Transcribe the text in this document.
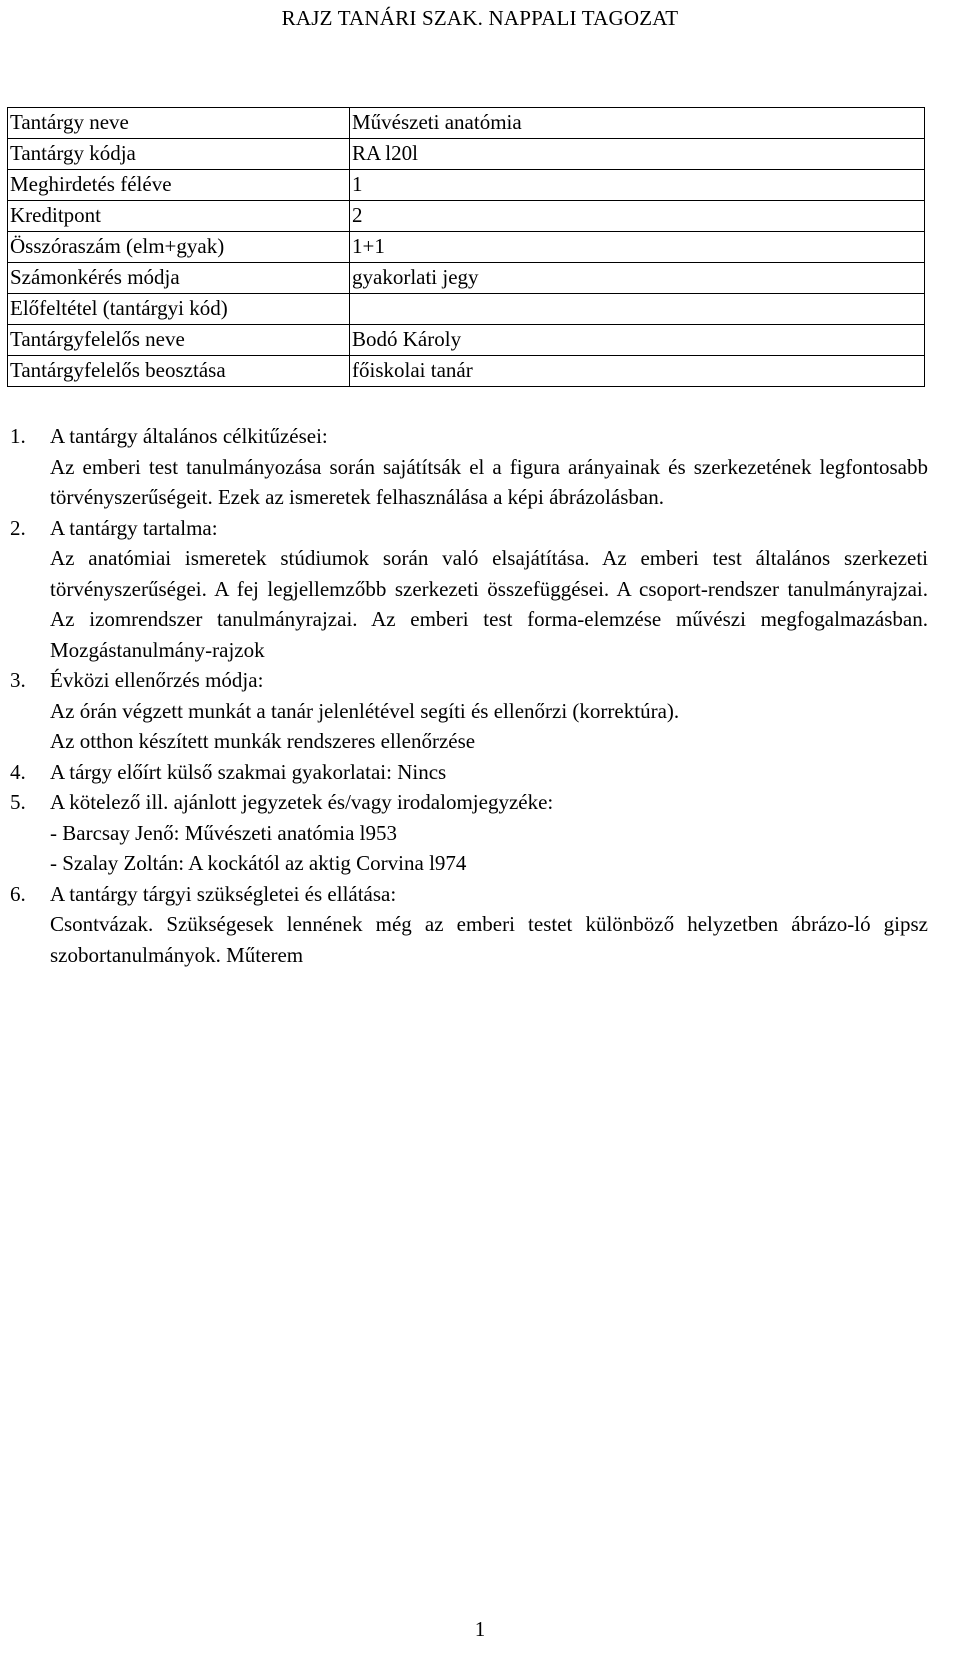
RAJZ TANÁRI SZAK. NAPPALI TAGOZAT
Tantárgy neve	Művészeti anatómia
Tantárgy kódja	RA l20l
Meghirdetés féléve	1
Kreditpont	2
Összóraszám (elm+gyak)	1+1
Számonkérés módja	gyakorlati jegy
Előfeltétel (tantárgyi kód)	
Tantárgyfelelős neve	Bodó Károly
Tantárgyfelelős beosztása	főiskolai tanár
1. A tantárgy általános célkitűzései:

Az emberi test tanulmányozása során sajátítsák el a figura arányainak és szerkezetének legfontosabb törvényszerűségeit. Ezek az ismeretek felhasználása a képi ábrázolásban.

2. A tantárgy tartalma:

Az anatómiai ismeretek stúdiumok során való elsajátítása. Az emberi test általános szerkezeti törvényszerűségei. A fej legjellemzőbb szerkezeti összefüggései. A csoport-rendszer tanulmányrajzai. Az izomrendszer tanulmányrajzai. Az emberi test forma-elemzése művészi megfogalmazásban. Mozgástanulmány-rajzok

3. Évközi ellenőrzés módja:

Az órán végzett munkát a tanár jelenlétével segíti és ellenőrzi (korrektúra).

Az otthon készített munkák rendszeres ellenőrzése

4. A tárgy előírt külső szakmai gyakorlatai: Nincs
5. A kötelező ill. ajánlott jegyzetek és/vagy irodalomjegyzéke:

- Barcsay Jenő: Művészeti anatómia l953

- Szalay Zoltán: A kockától az aktig Corvina l974

6. A tantárgy tárgyi szükségletei és ellátása:

Csontvázak. Szükségesek lennének még az emberi testet különböző helyzetben ábrázo-ló gipsz szobortanulmányok. Műterem

1
